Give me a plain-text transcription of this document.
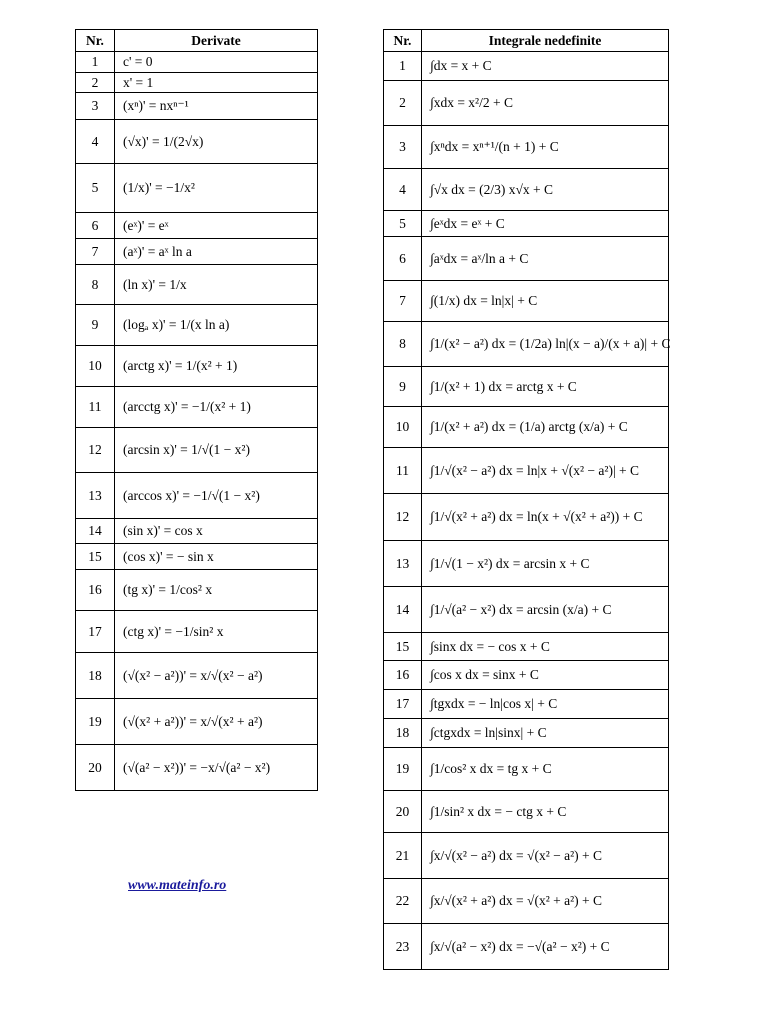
Nr.	Derivate
1	c' = 0
2	x' = 1
3	(xⁿ)' = nxⁿ⁻¹
4	(√x)' = 1/(2√x)
5	(1/x)' = −1/x²
6	(eˣ)' = eˣ
7	(aˣ)' = aˣ ln a
8	(ln x)' = 1/x
9	(logₐ x)' = 1/(x ln a)
10	(arctg x)' = 1/(x² + 1)
11	(arcctg x)' = −1/(x² + 1)
12	(arcsin x)' = 1/√(1 − x²)
13	(arccos x)' = −1/√(1 − x²)
14	(sin x)' = cos x
15	(cos x)' = − sin x
16	(tg x)' = 1/cos² x
17	(ctg x)' = −1/sin² x
18	(√(x² − a²))' = x/√(x² − a²)
19	(√(x² + a²))' = x/√(x² + a²)
20	(√(a² − x²))' = −x/√(a² − x²)
Nr.	Integrale nedefinite
1	∫dx = x + C
2	∫xdx = x²/2 + C
3	∫xⁿdx = xⁿ⁺¹/(n + 1) + C
4	∫√x dx = (2/3) x√x + C
5	∫eˣdx = eˣ + C
6	∫aˣdx = aˣ/ln a + C
7	∫(1/x) dx = ln|x| + C
8	∫1/(x² − a²) dx = (1/2a) ln|(x − a)/(x + a)| + C
9	∫1/(x² + 1) dx = arctg x + C
10	∫1/(x² + a²) dx = (1/a) arctg (x/a) + C
11	∫1/√(x² − a²) dx = ln|x + √(x² − a²)| + C
12	∫1/√(x² + a²) dx = ln(x + √(x² + a²)) + C
13	∫1/√(1 − x²) dx = arcsin x + C
14	∫1/√(a² − x²) dx = arcsin (x/a) + C
15	∫sinx dx = − cos x + C
16	∫cos x dx = sinx + C
17	∫tgxdx = − ln|cos x| + C
18	∫ctgxdx = ln|sinx| + C
19	∫1/cos² x dx = tg x + C
20	∫1/sin² x dx = − ctg x + C
21	∫x/√(x² − a²) dx = √(x² − a²) + C
22	∫x/√(x² + a²) dx = √(x² + a²) + C
23	∫x/√(a² − x²) dx = −√(a² − x²) + C
www.mateinfo.ro
